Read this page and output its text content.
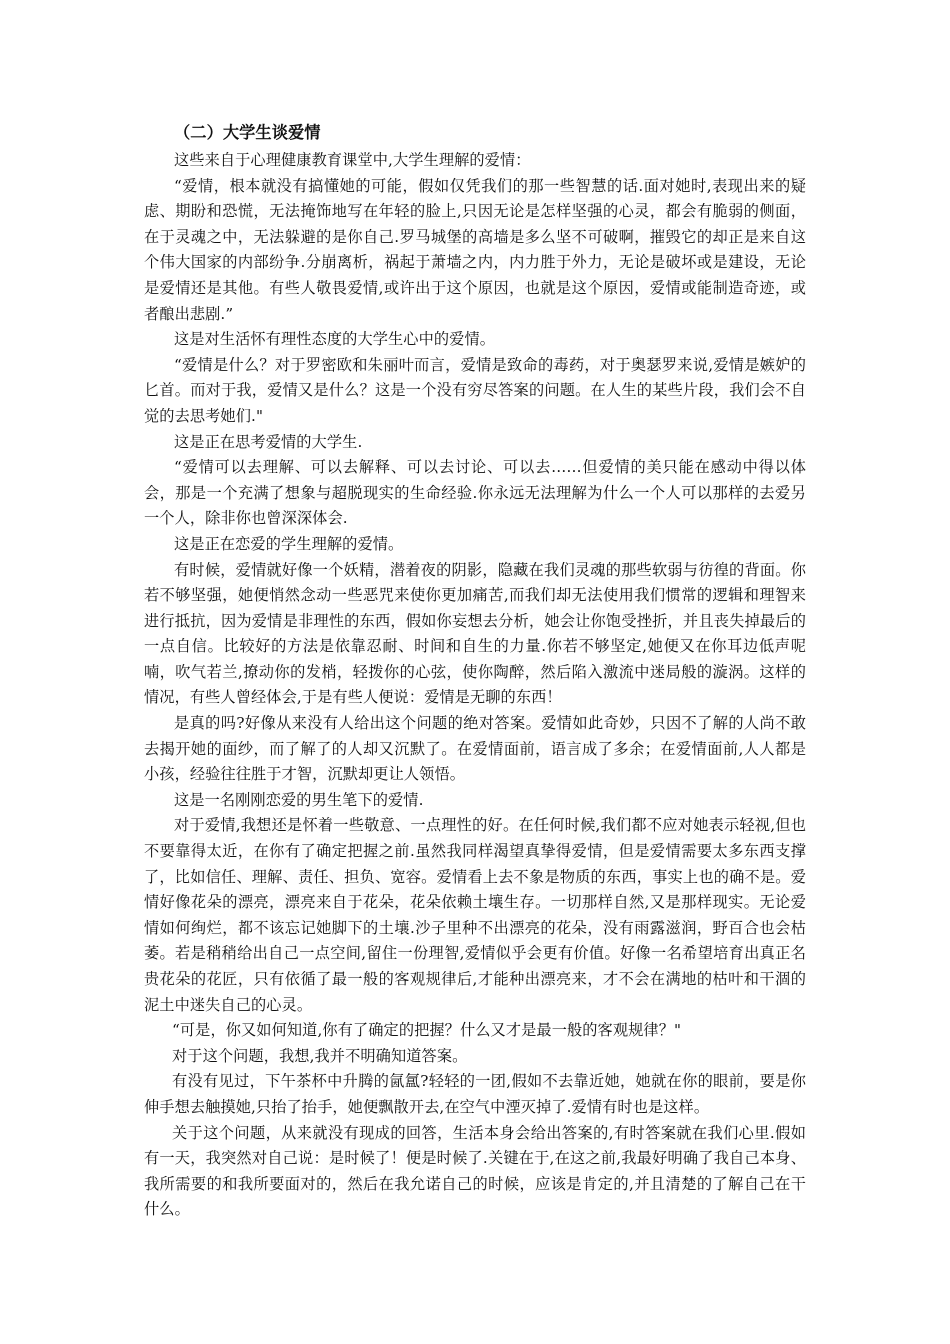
（二）大学生谈爱情

这些来自于心理健康教育课堂中,大学生理解的爱情：

“爱情，根本就没有搞懂她的可能，假如仅凭我们的那一些智慧的话.面对她时,表现出来的疑虑、期盼和恐慌，无法掩饰地写在年轻的脸上,只因无论是怎样坚强的心灵，都会有脆弱的侧面，在于灵魂之中，无法躲避的是你自己.罗马城堡的高墙是多么坚不可破啊，摧毁它的却正是来自这个伟大国家的内部纷争.分崩离析，祸起于萧墙之内，内力胜于外力，无论是破坏或是建设，无论是爱情还是其他。有些人敬畏爱情,或许出于这个原因，也就是这个原因，爱情或能制造奇迹，或者酿出悲剧.”

这是对生活怀有理性态度的大学生心中的爱情。

“爱情是什么？对于罗密欧和朱丽叶而言，爱情是致命的毒药，对于奥瑟罗来说,爱情是嫉妒的匕首。而对于我，爱情又是什么？这是一个没有穷尽答案的问题。在人生的某些片段，我们会不自觉的去思考她们."

这是正在思考爱情的大学生.

“爱情可以去理解、可以去解释、可以去讨论、可以去……但爱情的美只能在感动中得以体会，那是一个充满了想象与超脱现实的生命经验.你永远无法理解为什么一个人可以那样的去爱另一个人，除非你也曾深深体会.

这是正在恋爱的学生理解的爱情。

有时候，爱情就好像一个妖精，潜着夜的阴影，隐藏在我们灵魂的那些软弱与彷徨的背面。你若不够坚强，她便悄然念动一些恶咒来使你更加痛苦,而我们却无法使用我们惯常的逻辑和理智来进行抵抗，因为爱情是非理性的东西，假如你妄想去分析，她会让你饱受挫折，并且丧失掉最后的一点自信。比较好的方法是依靠忍耐、时间和自生的力量.你若不够坚定,她便又在你耳边低声呢喃，吹气若兰,撩动你的发梢，轻拨你的心弦，使你陶醉，然后陷入激流中迷局般的漩涡。这样的情况，有些人曾经体会,于是有些人便说：爱情是无聊的东西！

是真的吗?好像从来没有人给出这个问题的绝对答案。爱情如此奇妙，只因不了解的人尚不敢去揭开她的面纱，而了解了的人却又沉默了。在爱情面前，语言成了多余；在爱情面前,人人都是小孩，经验往往胜于才智，沉默却更让人领悟。

这是一名刚刚恋爱的男生笔下的爱情.

对于爱情,我想还是怀着一些敬意、一点理性的好。在任何时候,我们都不应对她表示轻视,但也不要靠得太近，在你有了确定把握之前.虽然我同样渴望真挚得爱情，但是爱情需要太多东西支撑了，比如信任、理解、责任、担负、宽容。爱情看上去不象是物质的东西，事实上也的确不是。爱情好像花朵的漂亮，漂亮来自于花朵，花朵依赖土壤生存。一切那样自然,又是那样现实。无论爱情如何绚烂，都不该忘记她脚下的土壤.沙子里种不出漂亮的花朵，没有雨露滋润，野百合也会枯萎。若是稍稍给出自己一点空间,留住一份理智,爱情似乎会更有价值。好像一名希望培育出真正名贵花朵的花匠，只有依循了最一般的客观规律后,才能种出漂亮来，才不会在满地的枯叶和干涸的泥土中迷失自己的心灵。

“可是，你又如何知道,你有了确定的把握？什么又才是最一般的客观规律？"

对于这个问题，我想,我并不明确知道答案。

有没有见过，下午茶杯中升腾的氤氲?轻轻的一团,假如不去靠近她，她就在你的眼前，要是你伸手想去触摸她,只抬了抬手，她便飘散开去,在空气中湮灭掉了.爱情有时也是这样。

关于这个问题，从来就没有现成的回答，生活本身会给出答案的,有时答案就在我们心里.假如有一天，我突然对自己说：是时候了！便是时候了.关键在于,在这之前,我最好明确了我自己本身、我所需要的和我所要面对的，然后在我允诺自己的时候，应该是肯定的,并且清楚的了解自己在干什么。
